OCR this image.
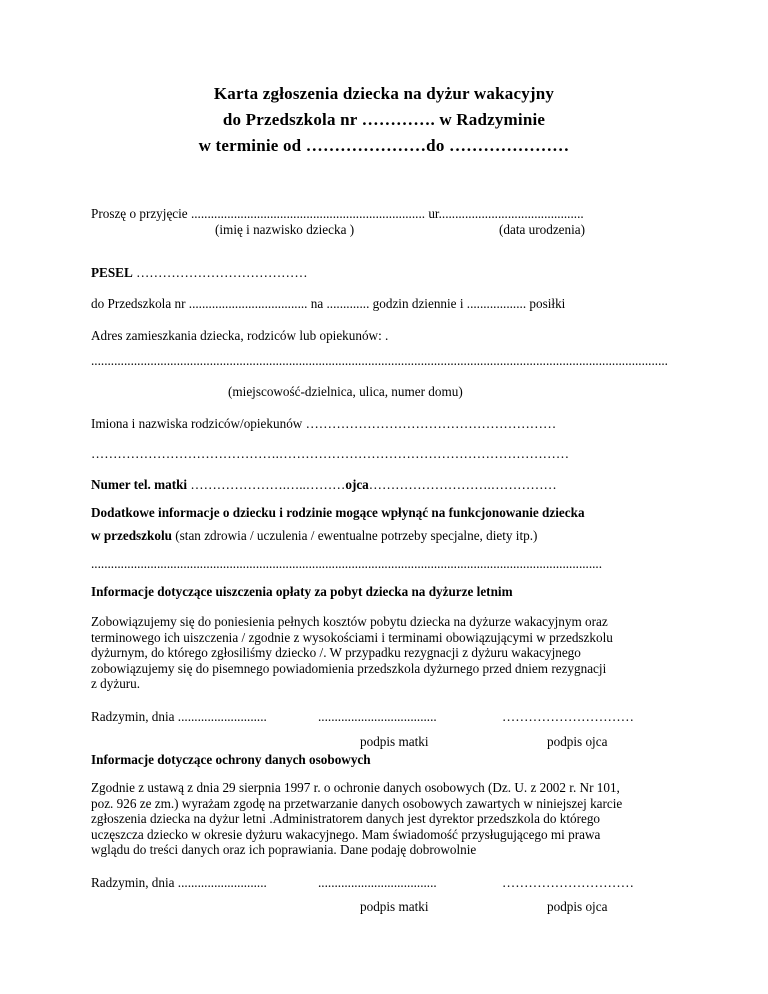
Karta zgłoszenia dziecka na dyżur wakacyjny
do Przedszkola nr …………. w Radzyminie
w terminie od …………………do …………………
Proszę o przyjęcie ....................................................................... ur............................................
(imię i nazwisko dziecka )	(data urodzenia)
PESEL …………………………………
do Przedszkola nr .................................... na ............. godzin dziennie i .................. posiłki
Adres zamieszkania dziecka, rodziców lub opiekunów: .
...............................................................................................................................................................................
(miejscowość-dzielnica, ulica, numer domu)
Imiona i nazwiska rodziców/opiekunów …………………………………………………
…………………………………….…………………………………………………………
Numer tel. matki ………………….…..………ojca……………………….……………
Dodatkowe informacje o dziecku i rodzinie mogące wpłynąć na funkcjonowanie dziecka
w przedszkolu (stan zdrowia / uczulenia / ewentualne potrzeby specjalne, diety itp.)
...........................................................................................................................................................
Informacje dotyczące uiszczenia opłaty za pobyt dziecka na dyżurze letnim
Zobowiązujemy się do poniesienia pełnych kosztów pobytu dziecka na dyżurze wakacyjnym oraz
terminowego ich uiszczenia / zgodnie z wysokościami i terminami obowiązującymi w przedszkolu
dyżurnym, do którego zgłosiliśmy dziecko /. W przypadku rezygnacji z dyżuru wakacyjnego
zobowiązujemy się do pisemnego powiadomienia przedszkola dyżurnego przed dniem rezygnacji
z dyżuru.
Radzymin, dnia ...........................	....................................	…………………………
podpis matki	podpis ojca
Informacje dotyczące ochrony danych osobowych
Zgodnie z ustawą z dnia 29 sierpnia 1997 r. o ochronie danych osobowych (Dz. U. z 2002 r. Nr 101,
poz. 926 ze zm.) wyrażam zgodę na przetwarzanie danych osobowych zawartych w niniejszej karcie
zgłoszenia dziecka na dyżur letni .Administratorem danych jest dyrektor przedszkola do którego
uczęszcza dziecko w okresie dyżuru wakacyjnego. Mam świadomość przysługującego mi prawa
wglądu do treści danych oraz ich poprawiania. Dane podaję dobrowolnie
Radzymin, dnia ...........................	....................................	…………………………
podpis matki	podpis ojca
